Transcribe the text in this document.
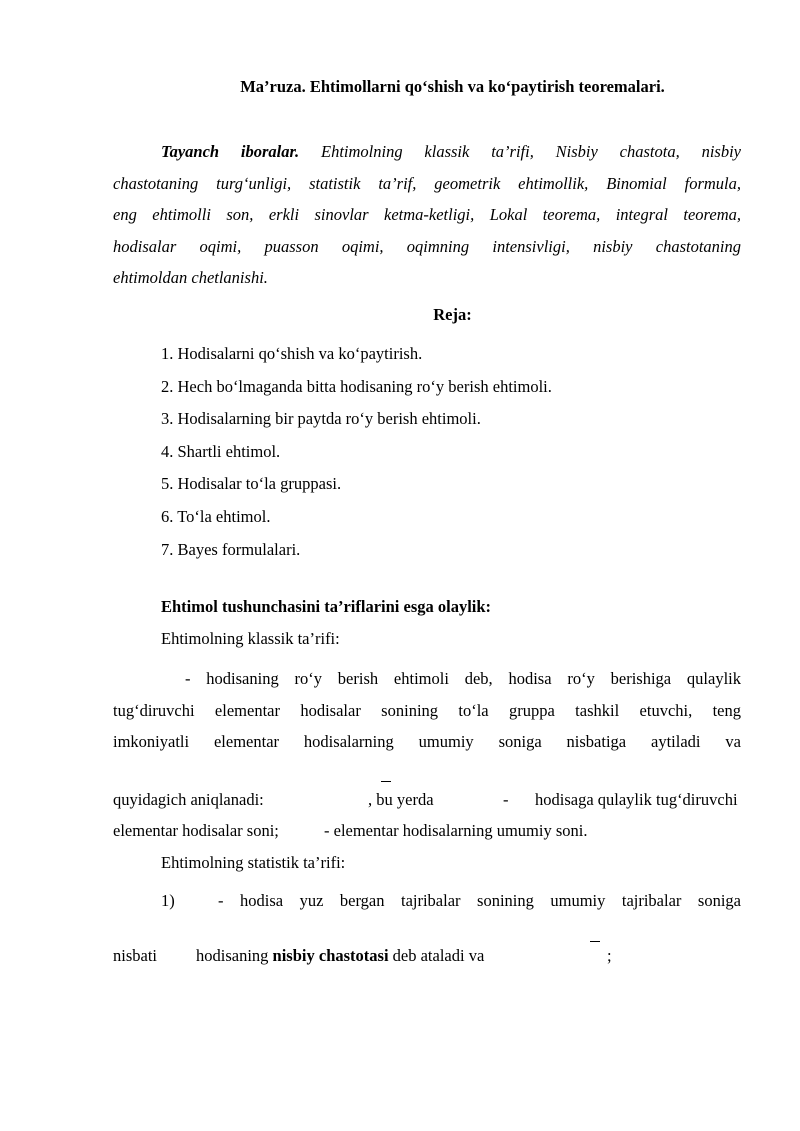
Ma’ruza. Ehtimollarni qo‘shish va ko‘paytirish teoremalari.

Tayanch iboralar. Ehtimolning klassik ta’rifi, Nisbiy chastota, nisbiy

chastotaning turg‘unligi, statistik ta’rif, geometrik ehtimollik, Binomial formula,

eng ehtimolli son, erkli sinovlar ketma-ketligi, Lokal teorema, integral teorema,

hodisalar oqimi, puasson oqimi, oqimning intensivligi, nisbiy chastotaning

ehtimoldan chetlanishi.

Reja:
1. Hodisalarni qo‘shish va ko‘paytirish.
2. Hech bo‘lmaganda bitta hodisaning ro‘y berish ehtimoli.
3. Hodisalarning bir paytda ro‘y berish ehtimoli.
4. Shartli ehtimol.
5. Hodisalar to‘la gruppasi.
6. To‘la ehtimol.
7. Bayes formulalari.
Ehtimol tushunchasini ta’riflarini esga olaylik:
Ehtimolning klassik ta’rifi:

- hodisaning ro‘y berish ehtimoli deb, hodisa ro‘y berishiga qulaylik

tug‘diruvchi elementar hodisalar sonining to‘la gruppa tashkil etuvchi, teng

imkoniyatli elementar hodisalarning umumiy soniga nisbatiga aytiladi va

quyidagich aniqlanadi:	, bu yerda	- hodisaga qulaylik tug‘diruvchi
elementar hodisalar soni;	- elementar hodisalarning umumiy soni.
Ehtimolning statistik ta’rifi:
1)	- hodisa yuz bergan tajribalar sonining umumiy tajribalar soniga
nisbati hodisaning nisbiy chastotasi deb ataladi va	;
